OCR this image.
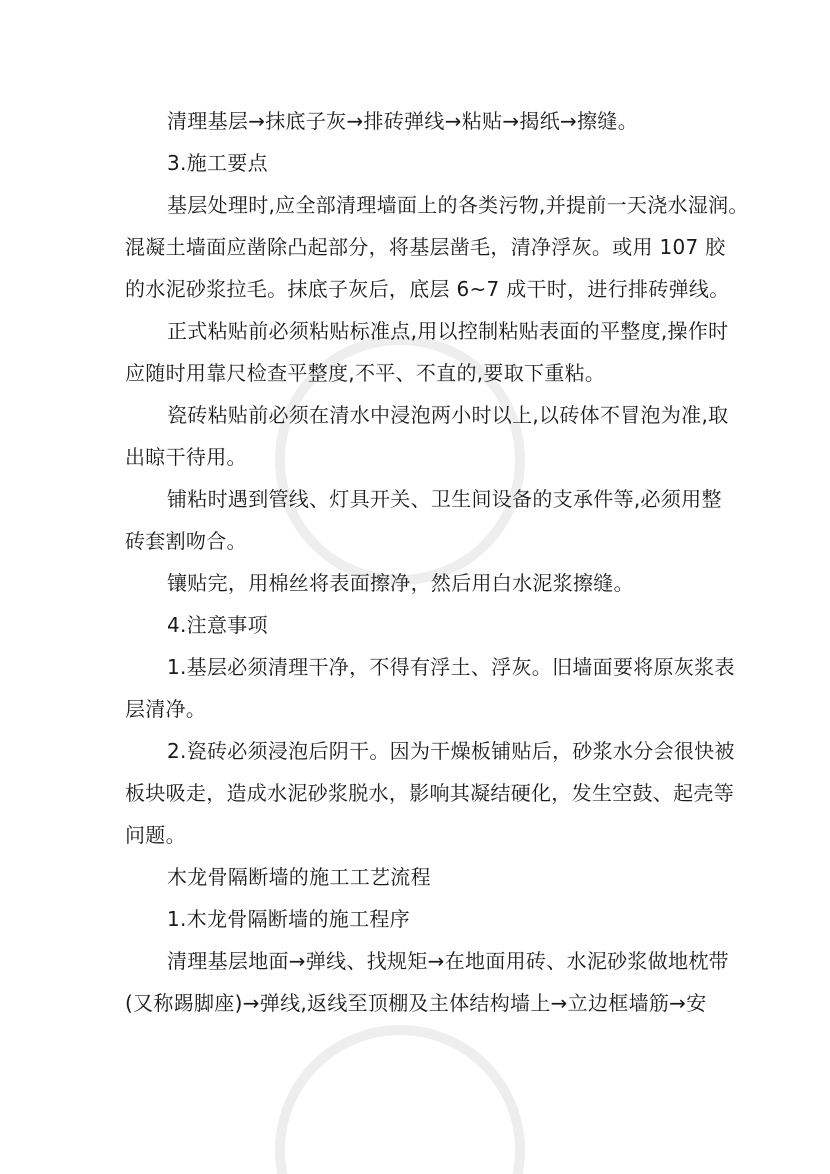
清理基层→抹底子灰→排砖弹线→粘贴→揭纸→擦缝。
3.施工要点
基层处理时,应全部清理墙面上的各类污物,并提前一天浇水湿润。
混凝土墙面应凿除凸起部分，将基层凿毛，清净浮灰。或用 107 胶
的水泥砂浆拉毛。抹底子灰后，底层 6~7 成干时，进行排砖弹线。
正式粘贴前必须粘贴标准点,用以控制粘贴表面的平整度,操作时
应随时用靠尺检查平整度,不平、不直的,要取下重粘。
瓷砖粘贴前必须在清水中浸泡两小时以上,以砖体不冒泡为准,取
出晾干待用。
铺粘时遇到管线、灯具开关、卫生间设备的支承件等,必须用整
砖套割吻合。
镶贴完，用棉丝将表面擦净，然后用白水泥浆擦缝。
4.注意事项
1.基层必须清理干净，不得有浮土、浮灰。旧墙面要将原灰浆表
层清净。
2.瓷砖必须浸泡后阴干。因为干燥板铺贴后，砂浆水分会很快被
板块吸走，造成水泥砂浆脱水，影响其凝结硬化，发生空鼓、起壳等
问题。
木龙骨隔断墙的施工工艺流程
1.木龙骨隔断墙的施工程序
清理基层地面→弹线、找规矩→在地面用砖、水泥砂浆做地枕带
(又称踢脚座)→弹线,返线至顶棚及主体结构墙上→立边框墙筋→安
